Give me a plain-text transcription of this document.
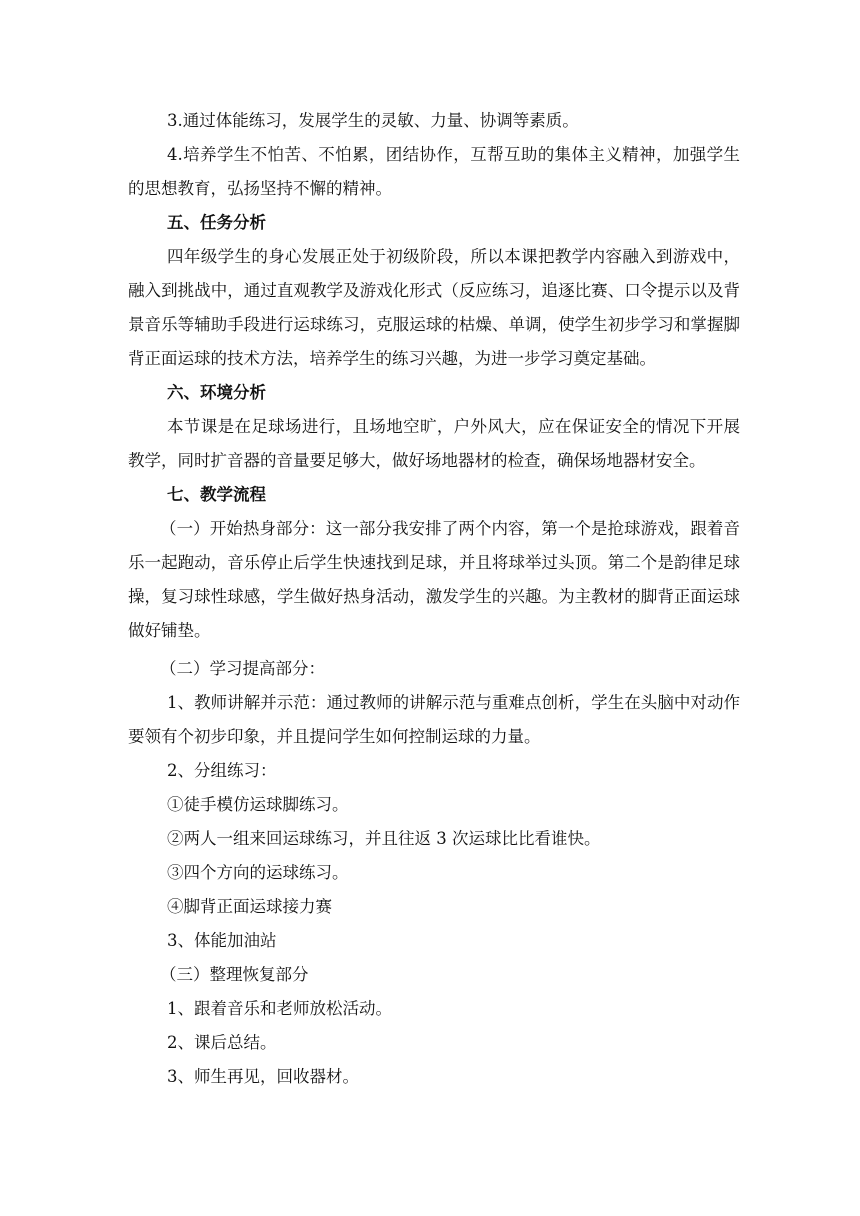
3.通过体能练习，发展学生的灵敏、力量、协调等素质。

4.培养学生不怕苦、不怕累，团结协作，互帮互助的集体主义精神，加强学生的思想教育，弘扬坚持不懈的精神。

五、任务分析

四年级学生的身心发展正处于初级阶段，所以本课把教学内容融入到游戏中，融入到挑战中，通过直观教学及游戏化形式（反应练习，追逐比赛、口令提示以及背景音乐等辅助手段进行运球练习，克服运球的枯燥、单调，使学生初步学习和掌握脚背正面运球的技术方法，培养学生的练习兴趣，为进一步学习奠定基础。

六、环境分析

本节课是在足球场进行，且场地空旷，户外风大，应在保证安全的情况下开展教学，同时扩音器的音量要足够大，做好场地器材的检查，确保场地器材安全。

七、教学流程

（一）开始热身部分：这一部分我安排了两个内容，第一个是抢球游戏，跟着音乐一起跑动，音乐停止后学生快速找到足球，并且将球举过头顶。第二个是韵律足球操，复习球性球感，学生做好热身活动，激发学生的兴趣。为主教材的脚背正面运球做好铺垫。

（二）学习提高部分：

1、教师讲解并示范：通过教师的讲解示范与重难点创析，学生在头脑中对动作要领有个初步印象，并且提问学生如何控制运球的力量。

2、分组练习：

①徒手模仿运球脚练习。

②两人一组来回运球练习，并且往返 3 次运球比比看谁快。

③四个方向的运球练习。

④脚背正面运球接力赛

3、体能加油站

（三）整理恢复部分

1、跟着音乐和老师放松活动。

2、课后总结。

3、师生再见，回收器材。
